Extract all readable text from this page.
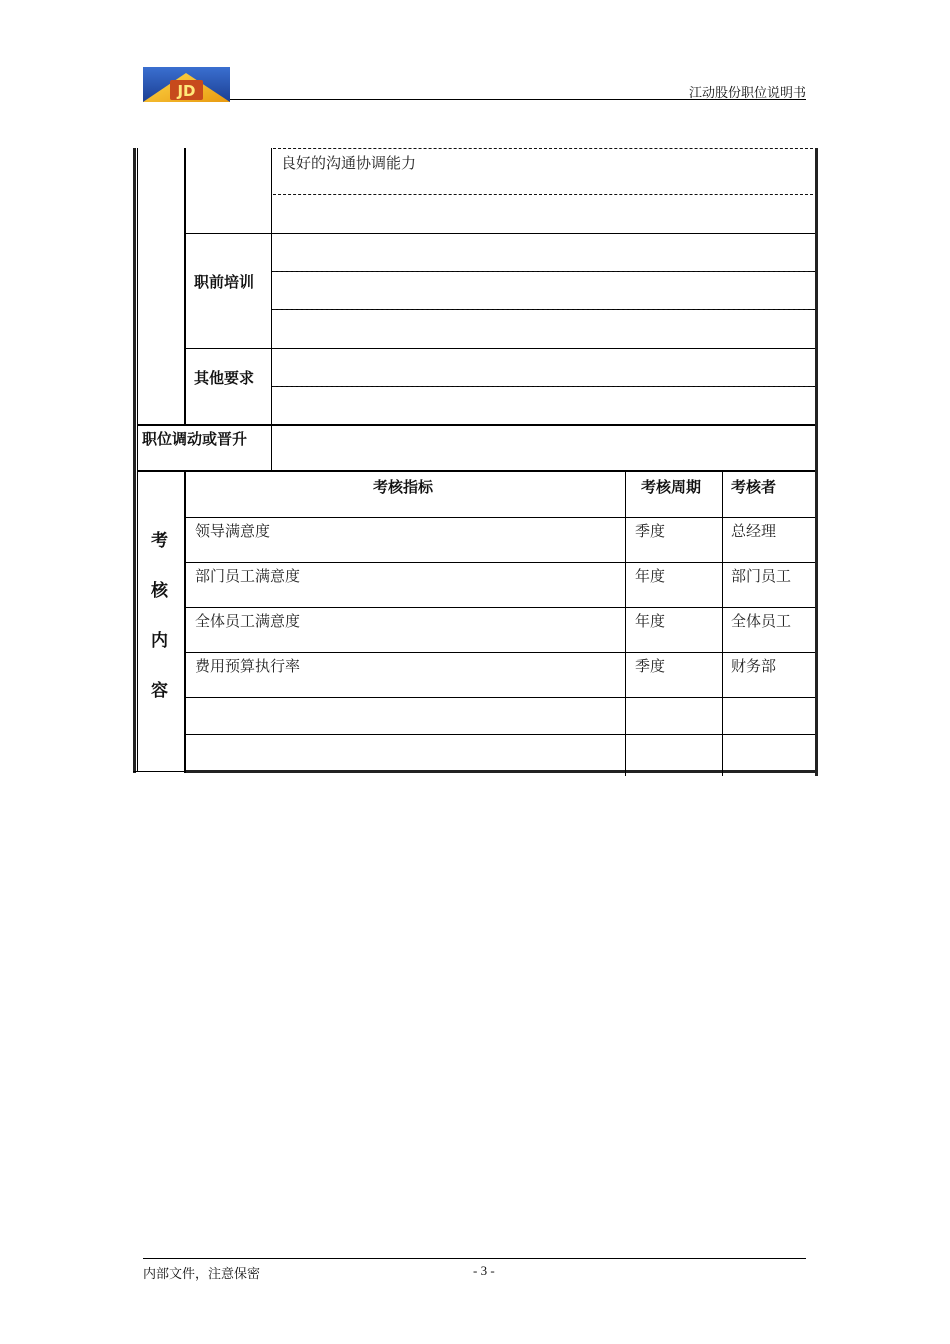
JD	江动股份职位说明书
良好的沟通协调能力
职前培训
其他要求
职位调动或晋升
考
核
内
容
考核指标	考核周期 考核者
领导满意度	季度	总经理
部门员工满意度	年度	部门员工
全体员工满意度	年度	全体员工
费用预算执行率	季度	财务部
内部文件，注意保密	- 3 -
